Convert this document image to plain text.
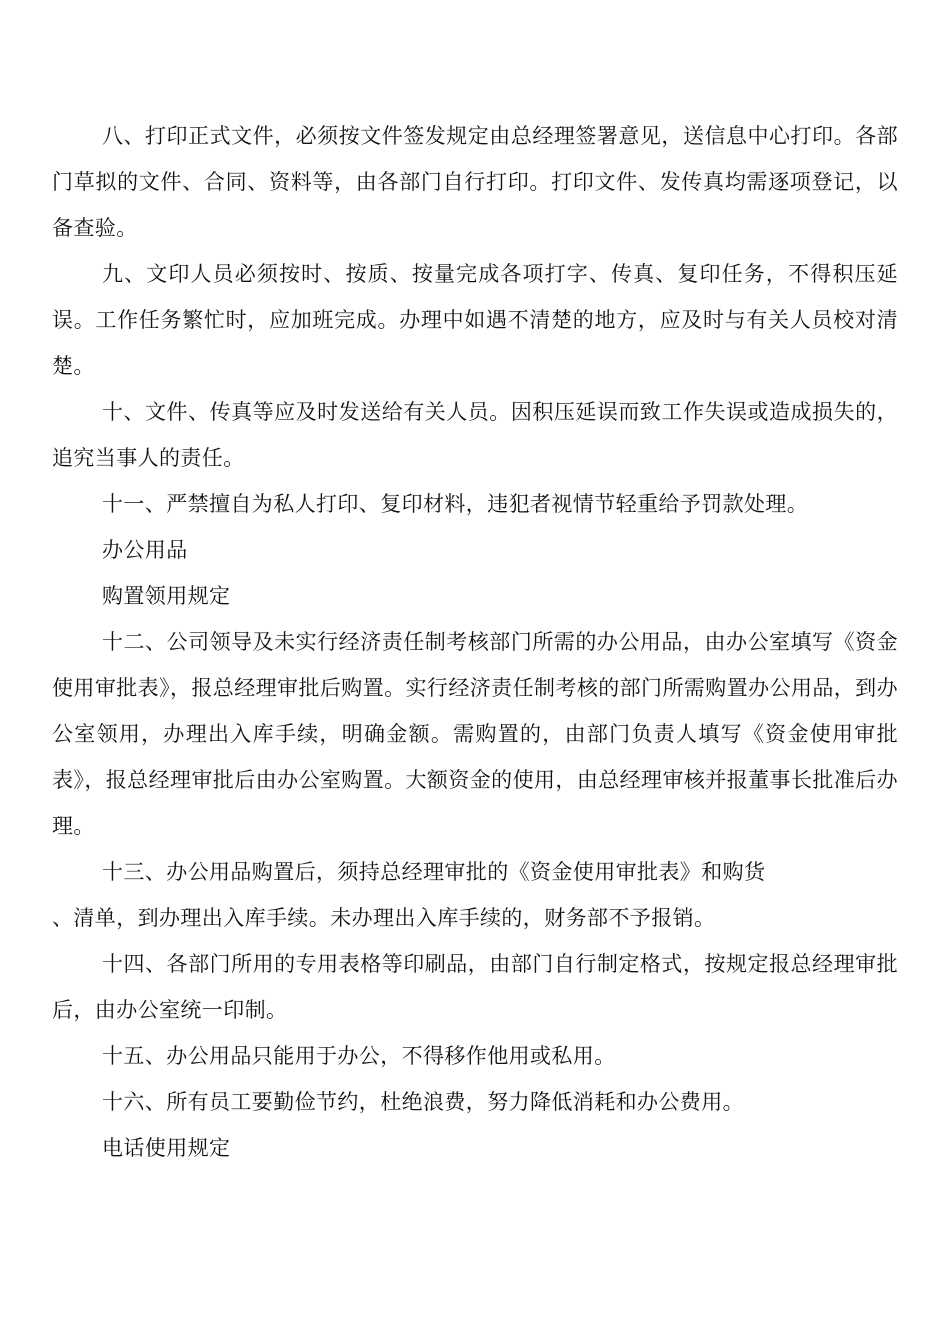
八、打印正式文件，必须按文件签发规定由总经理签署意见，送信息中心打印。各部门草拟的文件、合同、资料等，由各部门自行打印。打印文件、发传真均需逐项登记，以备查验。

九、文印人员必须按时、按质、按量完成各项打字、传真、复印任务，不得积压延误。工作任务繁忙时，应加班完成。办理中如遇不清楚的地方，应及时与有关人员校对清楚。

十、文件、传真等应及时发送给有关人员。因积压延误而致工作失误或造成损失的，追究当事人的责任。

十一、严禁擅自为私人打印、复印材料，违犯者视情节轻重给予罚款处理。

办公用品

购置领用规定

十二、公司领导及未实行经济责任制考核部门所需的办公用品，由办公室填写《资金使用审批表》，报总经理审批后购置。实行经济责任制考核的部门所需购置办公用品，到办公室领用，办理出入库手续，明确金额。需购置的，由部门负责人填写《资金使用审批表》，报总经理审批后由办公室购置。大额资金的使用，由总经理审核并报董事长批准后办理。

十三、办公用品购置后，须持总经理审批的《资金使用审批表》和购货

、清单，到办理出入库手续。未办理出入库手续的，财务部不予报销。

十四、各部门所用的专用表格等印刷品，由部门自行制定格式，按规定报总经理审批后，由办公室统一印制。

十五、办公用品只能用于办公，不得移作他用或私用。

十六、所有员工要勤俭节约，杜绝浪费，努力降低消耗和办公费用。

电话使用规定
